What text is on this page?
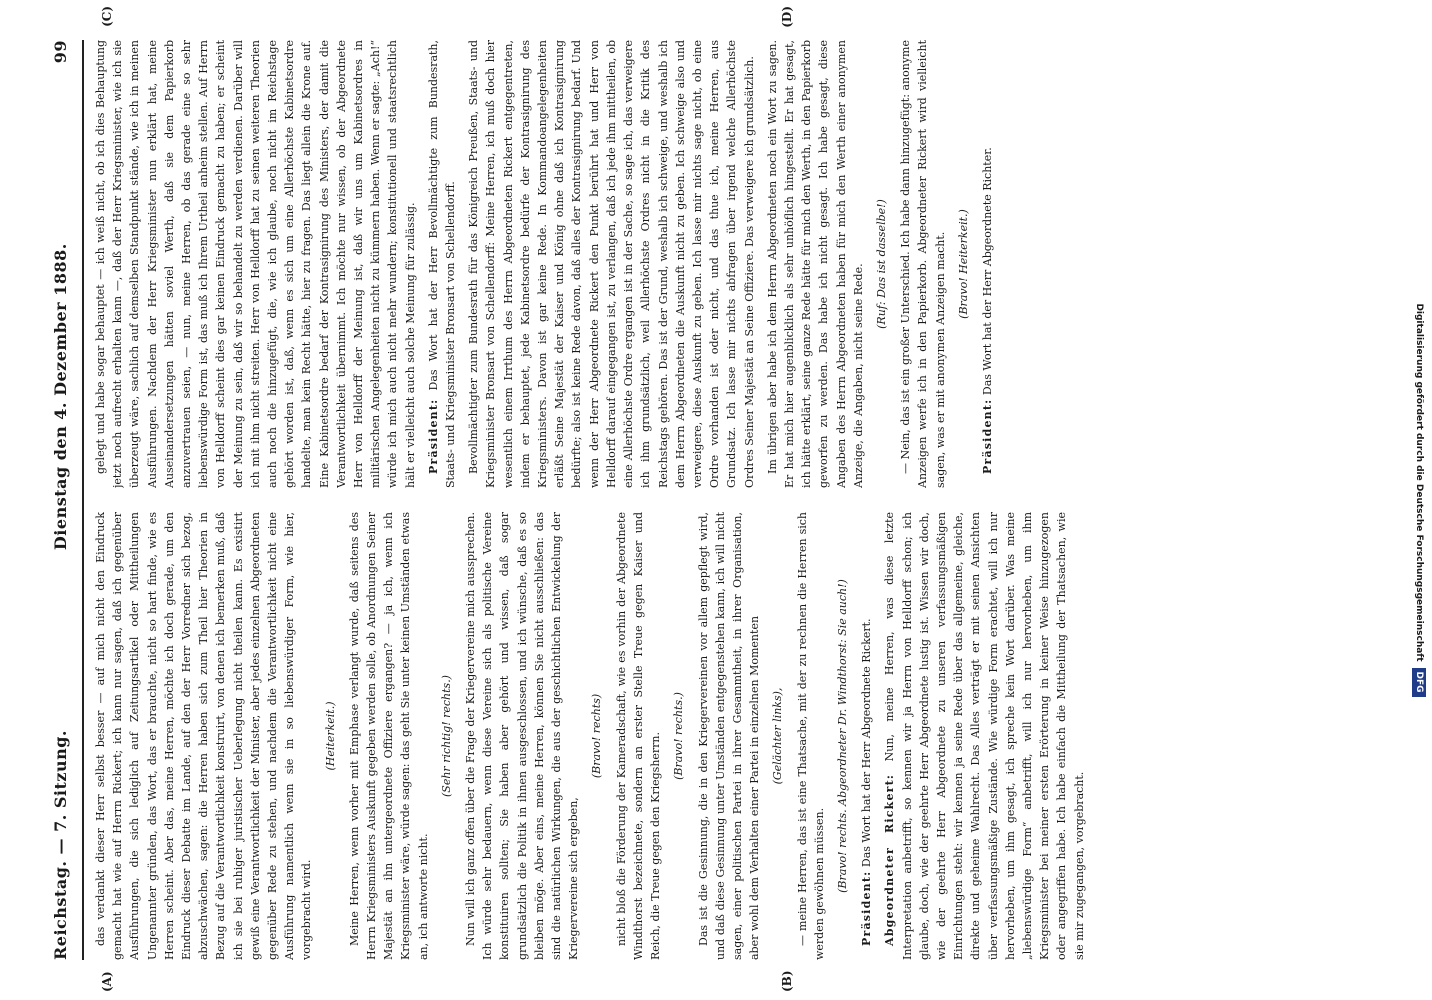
Reichstag. — 7. Sitzung.
Dienstag den 4. Dezember 1888.
99
(A)	(B)
(C)	(D)

das verdankt dieser Herr selbst besser — auf mich nicht den Eindruck gemacht hat wie auf Herrn Rickert; ich kann nur sagen, daß ich gegenüber Ausführungen, die sich lediglich auf Zeitungsartikel oder Mittheilungen Ungenannter gründen, das Wort, das er brauchte, nicht so hart finde, wie es Herren scheint. Aber das, meine Herren, möchte ich doch gerade, um den Eindruck dieser Debatte im Lande, auf den der Herr Vorredner sich bezog, abzuschwächen, sagen: die Herren haben sich zum Theil hier Theorien in Bezug auf die Verantwortlichkeit konstruirt, von denen ich bemerken muß, daß ich sie bei ruhiger juristischer Ueberlegung nicht theilen kann. Es existirt gewiß eine Verantwortlichkeit der Minister, aber jedes einzelnen Abgeordneten gegenüber Rede zu stehen, und nachdem die Verantwortlichkeit nicht eine Ausführung namentlich wenn sie in so liebenswürdiger Form, wie hier, vorgebracht wird.

(Heiterkeit.) Meine Herren, wenn vorher mit Emphase verlangt wurde, daß seitens des Herrn Kriegsministers Auskunft gegeben werden solle, ob Anordnungen Seiner Majestät an ihn untergeordnete Offiziere ergangen? — ja ich, wenn ich Kriegsminister wäre, würde sagen: das geht Sie unter keinen Umständen etwas an, ich antworte nicht.

(Sehr richtig! rechts.) Nun will ich ganz offen über die Frage der Kriegervereine mich aussprechen. Ich würde sehr bedauern, wenn diese Vereine sich als politische Vereine konstituiren sollten; Sie haben aber gehört und wissen, daß sogar grundsätzlich die Politik in ihnen ausgeschlossen, und ich wünsche, daß es so bleiben möge. Aber eins, meine Herren, können Sie nicht ausschließen: das sind die natürlichen Wirkungen, die aus der geschichtlichen Entwickelung der Kriegervereine sich ergeben,

(Bravo! rechts) nicht bloß die Förderung der Kameradschaft, wie es vorhin der Abgeordnete Windthorst bezeichnete, sondern an erster Stelle Treue gegen Kaiser und Reich, die Treue gegen den Kriegsherrn. (Bravo! rechts.) Das ist die Gesinnung, die in den Kriegervereinen vor allem gepflegt wird, und daß diese Gesinnung unter Umständen entgegenstehen kann, ich will nicht sagen, einer politischen Partei in ihrer Gesammtheit, in ihrer Organisation, aber wohl dem Verhalten einer Partei in einzelnen Momenten (Gelächter links), — meine Herren, das ist eine Thatsache, mit der zu rechnen die Herren sich werden gewöhnen müssen. (Bravo! rechts. Abgeordneter Dr. Windthorst: Sie auch!)

Präsident: Das Wort hat der Herr Abgeordnete Rickert. Abgeordneter Rickert: Nun, meine Herren, was diese letzte Interpretation anbetrifft, so kennen wir ja Herrn von Helldorff schon; ich glaube, doch, wie der geehrte Herr Abgeordnete lustig ist. Wissen wir doch, wie der geehrte Herr Abgeordnete zu unseren verfassungsmäßigen Einrichtungen steht: wir kennen ja seine Rede über das allgemeine, gleiche, direkte und geheime Wahlrecht. Das Alles verträgt er mit seinen Ansichten über verfassungsmäßige Zustände. Wie würdige Form erachtet, will ich nur hervorheben, um ihm gesagt, ich spreche kein Wort darüber. Was meine „liebenswürdige Form“ anbetrifft, will ich nur hervorheben, um ihm Kriegsminister bei meiner ersten Erörterung in keiner Weise hinzugezogen oder angegriffen habe. Ich habe einfach die Mittheilung der Thatsachen, wie sie mir zugegangen, vorgebracht.

gelegt und habe sogar behauptet — ich weiß nicht, ob ich dies Behauptung jetzt noch aufrecht erhalten kann —, daß der Herr Kriegsminister, wie ich sie überzeugt wäre, sachlich auf demselben Standpunkt stände, wie ich in meinen Ausführungen. Nachdem der Herr Kriegsminister nun erklärt hat, meine Auseinandersetzungen hätten soviel Werth, daß sie dem Papierkorb anzuvertrauen seien, — nun, meine Herren, ob das gerade eine so sehr liebenswürdige Form ist, das muß ich Ihrem Urtheil anheim stellen. Auf Herrn von Helldorff scheint dies gar keinen Eindruck gemacht zu haben; er scheint der Meinung zu sein, daß wir so behandelt zu werden verdienen. Darüber will ich mit ihm nicht streiten. Herr von Helldorff hat zu seinen weiteren Theorien auch noch die hinzugefügt, die, wie ich glaube, noch nicht im Reichstage gehört worden ist, daß, wenn es sich um eine Allerhöchste Kabinetsordre handelte, man kein Recht hätte, hier zu fragen. Das liegt allein die Krone auf. Eine Kabinetsordre bedarf der Kontrasignirung des Ministers, der damit die Verantwortlichkeit übernimmt. Ich möchte nur wissen, ob der Abgeordnete Herr von Helldorff der Meinung ist, daß wir uns um Kabinetsordres in militärischen Angelegenheiten nicht zu kümmern haben. Wenn er sagte: „Ach!“ würde ich mich auch nicht mehr wundern; konstitutionell und staatsrechtlich hält er vielleicht auch solche Meinung für zulässig. Präsident: Das Wort hat der Herr Bevollmächtigte zum Bundesrath, Staats- und Kriegsminister Bronsart von Schellendorff. Bevollmächtigter zum Bundesrath für das Königreich Preußen, Staats- und Kriegsminister Bronsart von Schellendorff: Meine Herren, ich muß doch hier wesentlich einem Irrthum des Herrn Abgeordneten Rickert entgegentreten, indem er behauptet, jede Kabinetsordre bedürfe der Kontrasignirung des Kriegsministers. Davon ist gar keine Rede. In Kommandoangelegenheiten erläßt Seine Majestät der Kaiser und König ohne daß ich Kontrasignirung bedürfte; also ist keine Rede davon, daß alles der Kontrasignirung bedarf. Und wenn der Herr Abgeordnete Rickert den Punkt berührt hat und Herr von Helldorff darauf eingegangen ist, zu verlangen, daß ich jede ihm mittheilen, ob eine Allerhöchste Ordre ergangen ist in der Sache, so sage ich, das verweigere ich ihm grundsätzlich, weil Allerhöchste Ordres nicht in die Kritik des Reichstags gehören. Das ist der Grund, weshalb ich schweige, und weshalb ich dem Herrn Abgeordneten die Auskunft nicht zu geben. Ich schweige also und verweigere, diese Auskunft zu geben. Ich lasse mir nichts sage nicht, ob eine Ordre vorhanden ist oder nicht, und das thue ich, meine Herren, aus Grundsatz. Ich lasse mir nichts abfragen über irgend welche Allerhöchste Ordres Seiner Majestät an Seine Offiziere. Das verweigere ich grundsätzlich. Im übrigen aber habe ich dem Herrn Abgeordneten noch ein Wort zu sagen. Er hat mich hier augenblicklich als sehr unhöflich hingestellt. Er hat gesagt, ich hätte erklärt, seine ganze Rede hätte für mich den Werth, in den Papierkorb geworfen zu werden. Das habe ich nicht gesagt. Ich habe gesagt, diese Angaben des Herrn Abgeordneten haben für mich den Werth einer anonymen Anzeige, die Angaben, nicht seine Rede. (Ruf: Das ist dasselbe!) — Nein, das ist ein großer Unterschied. Ich habe dann hinzugefügt: anonyme Anzeigen werfe ich in den Papierkorb. Abgeordneter Rickert wird vielleicht sagen, was er mit anonymen Anzeigen macht. (Bravo! Heiterkeit.)

Präsident: Das Wort hat der Herr Abgeordnete Richter.

Digitalisierung gefördert durch die Deutsche Forschungsgemeinschaft
DFG
